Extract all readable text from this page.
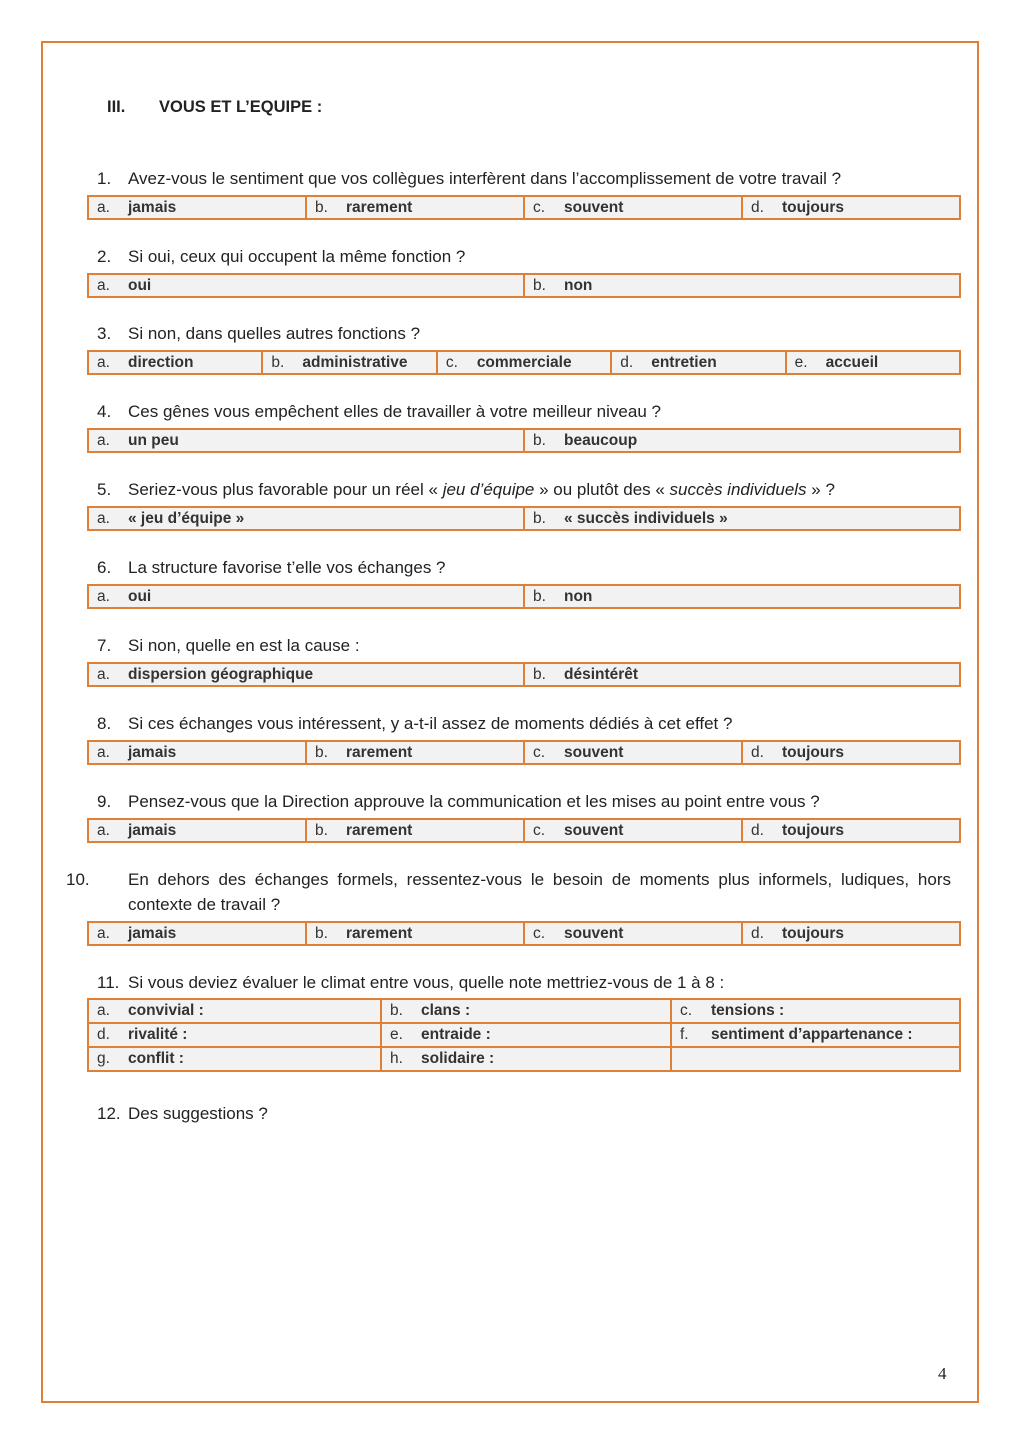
III. VOUS ET L’EQUIPE :
1. Avez-vous le sentiment que vos collègues interfèrent dans l’accomplissement de votre travail ?
a.	jamais	b.	rarement	c.	souvent	d.	toujours
2. Si oui, ceux qui occupent la même fonction ?
a.	oui	b.	non
3. Si non, dans quelles autres fonctions ?
a.	direction	b.	administrative c.	commerciale	d.	entretien	e.	accueil
4. Ces gênes vous empêchent elles de travailler à votre meilleur niveau ?
a.	un peu	b.	beaucoup
5. Seriez-vous plus favorable pour un réel « jeu d’équipe » ou plutôt des « succès individuels » ?
a.	« jeu d’équipe »	b.	« succès individuels »
6. La structure favorise t’elle vos échanges ?
a.	oui	b.	non
7. Si non, quelle en est la cause :
a.	dispersion géographique	b.	désintérêt
8. Si ces échanges vous intéressent, y a-t-il assez de moments dédiés à cet effet ?
a.	jamais	b.	rarement	c.	souvent	d.	toujours
9. Pensez-vous que la Direction approuve la communication et les mises au point entre vous ?
a.	jamais	b.	rarement	c.	souvent	d.	toujours
10. En dehors des échanges formels, ressentez-vous le besoin de moments plus informels, ludiques, hors contexte de travail ?
a.	jamais	b.	rarement	c.	souvent	d.	toujours
11. Si vous deviez évaluer le climat entre vous, quelle note mettriez-vous de 1 à 8 :
a.	convivial :	b.	clans :	c.	tensions :
d.	rivalité :	e.	entraide :	f.	sentiment d’appartenance :
g.	conflit :	h.	solidaire :
12. Des suggestions ?
4
